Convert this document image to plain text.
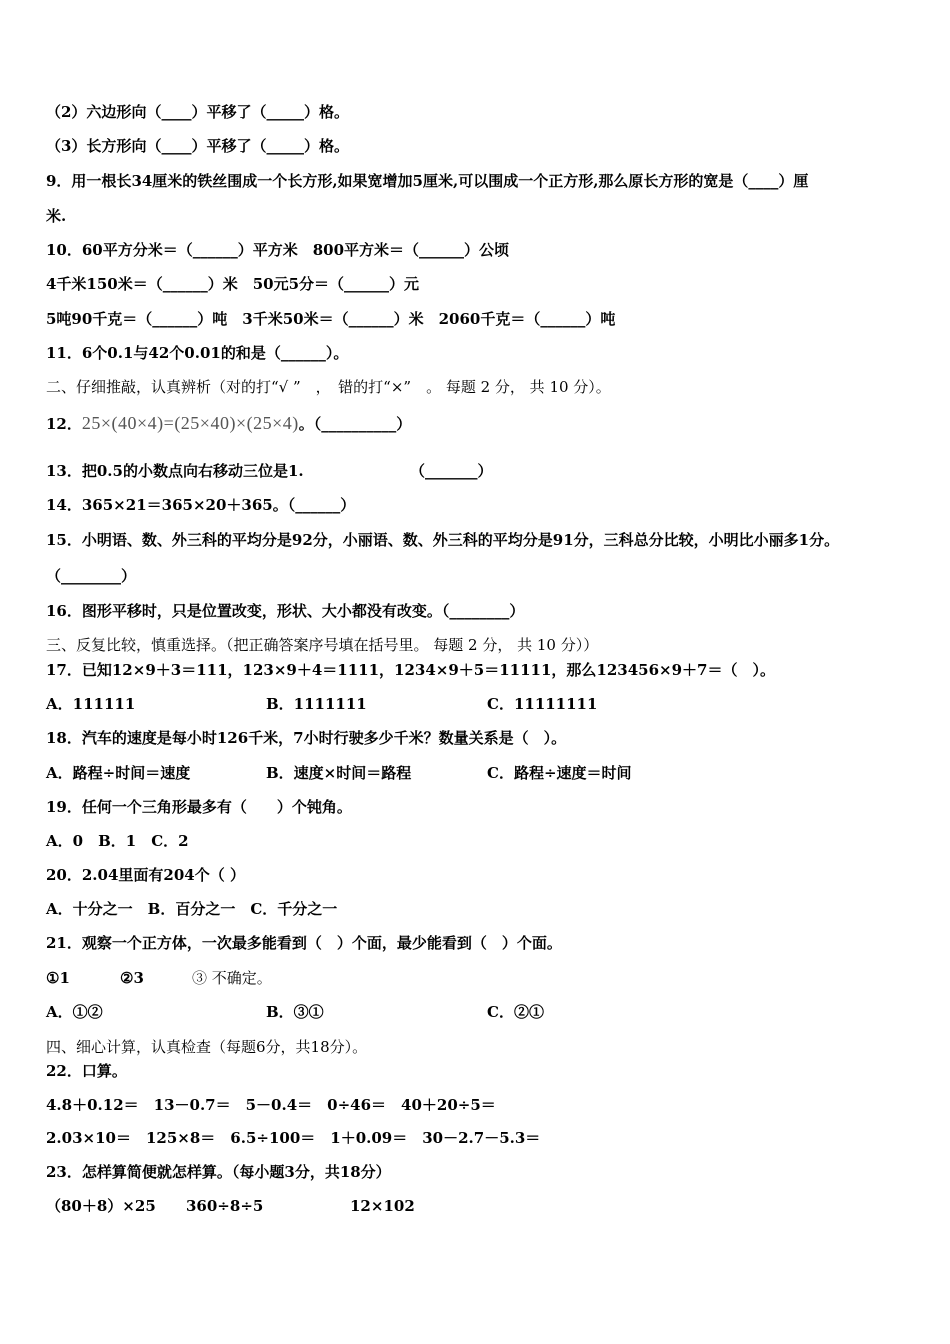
（2）六边形向（____）平移了（_____）格。
（3）长方形向（____）平移了（_____）格。
9．用一根长34厘米的铁丝围成一个长方形,如果宽增加5厘米,可以围成一个正方形,那么原长方形的宽是（____）厘
米.
10．60平方分米＝（______）平方米　800平方米＝（______）公顷
4千米150米＝（______）米　50元5分＝（______）元
5吨90千克＝（______）吨　3千米50米＝（______）米　2060千克＝（______）吨
11．6个0.1与42个0.01的和是（______）。
二、仔细推敲，认真辨析（对的打“√ ”　，　错的打“×”　。 每题 2 分， 共 10 分）。
12．25×(40×4)=(25×40)×(25×4)。（__________）
13．把0.5的小数点向右移动三位是1.	（_______）
14．365×21＝365×20＋365。（______）
15．小明语、数、外三科的平均分是92分，小丽语、数、外三科的平均分是91分，三科总分比较，小明比小丽多1分。
（________）
16．图形平移时，只是位置改变，形状、大小都没有改变。（________）
三、反复比较，慎重选择。（把正确答案序号填在括号里。 每题 2 分， 共 10 分））
17．已知12×9＋3＝111，123×9＋4＝1111，1234×9＋5＝11111，那么123456×9＋7＝（　）。
A．111111	B．1111111	C．11111111
18．汽车的速度是每小时126千米，7小时行驶多少千米？数量关系是（　）。
A．路程÷时间＝速度	B．速度×时间＝路程	C．路程÷速度＝时间
19．任何一个三角形最多有（　　）个钝角。
A．0　B．1　C．2
20．2.04里面有204个（ ）
A．十分之一　B．百分之一　C．千分之一
21．观察一个正方体，一次最多能看到（　）个面，最少能看到（　）个面。
①1	②3	③ 不确定。
A．①②	B．③①	C．②①
四、细心计算，认真检查（每题6分，共18分）。
22．口算。
4.8＋0.12＝　13－0.7＝　5－0.4＝　0÷46＝　40＋20÷5＝
2.03×10＝　125×8＝　6.5÷100＝　1＋0.09＝　30－2.7－5.3＝
23．怎样算简便就怎样算。（每小题3分，共18分）
（80＋8）×25 360÷8÷5	12×102
